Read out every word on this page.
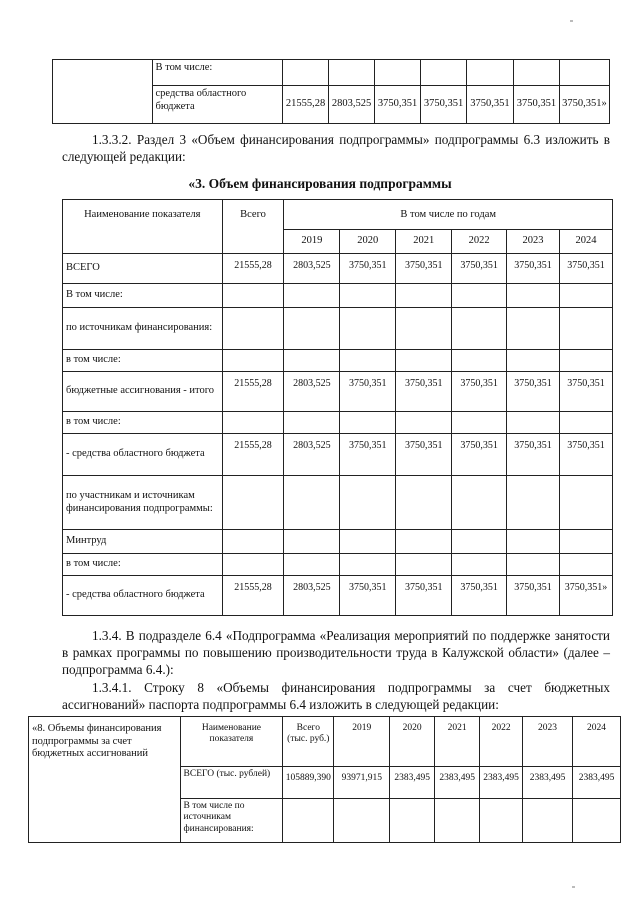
	В том числе:							
	средства областного бюджета	21555,28	2803,525	3750,351	3750,351	3750,351	3750,351	3750,351»
1.3.3.2. Раздел 3 «Объем финансирования подпрограммы» подпрограммы 6.3 изложить в следующей редакции:
«3. Объем финансирования подпрограммы
Наименование показателя	Всего	В том числе по годам					
		2019	2020	2021	2022	2023	2024
ВСЕГО	21555,28	2803,525	3750,351	3750,351	3750,351	3750,351	3750,351
В том числе:							
по источникам финансирования:							
в том числе:							
бюджетные ассигнования - итого	21555,28	2803,525	3750,351	3750,351	3750,351	3750,351	3750,351
в том числе:							
- средства областного бюджета	21555,28	2803,525	3750,351	3750,351	3750,351	3750,351	3750,351
по участникам и источникам финансирования подпрограммы:							
Минтруд							
в том числе:							
- средства областного бюджета	21555,28	2803,525	3750,351	3750,351	3750,351	3750,351	3750,351»
1.3.4. В подразделе 6.4 «Подпрограмма «Реализация мероприятий по поддержке занятости в рамках программы по повышению производительности труда в Калужской области» (далее – подпрограмма 6.4.):
1.3.4.1. Строку 8 «Объемы финансирования подпрограммы за счет бюджетных ассигнований» паспорта подпрограммы 6.4 изложить в следующей редакции:
«8. Объемы финансирования подпрограммы за счет бюджетных ассигнований	Наименование показателя	Всего (тыс. руб.)	2019	2020	2021	2022	2023	2024
	ВСЕГО (тыс. рублей)	105889,390	93971,915	2383,495	2383,495	2383,495	2383,495	2383,495
	В том числе по источникам финансирования:							
